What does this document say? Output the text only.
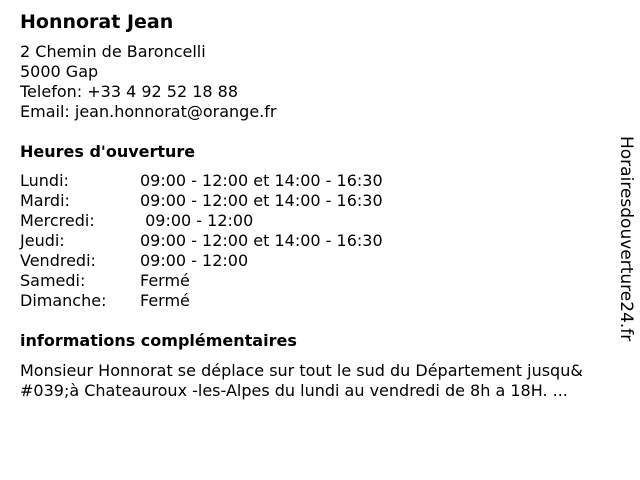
Honnorat Jean
2 Chemin de Baroncelli
5000 Gap
Telefon: +33 4 92 52 18 88
Email: jean.honnorat@orange.fr
Heures d'ouverture
Lundi:	09:00 - 12:00 et 14:00 - 16:30
Mardi:	09:00 - 12:00 et 14:00 - 16:30
Mercredi:	09:00 - 12:00
Jeudi:	09:00 - 12:00 et 14:00 - 16:30
Vendredi:	09:00 - 12:00
Samedi:	Fermé
Dimanche:	Fermé
informations complémentaires
Monsieur Honnorat se déplace sur tout le sud du Département jusqu&
#039;à Chateauroux -les-Alpes du lundi au vendredi de 8h a 18H. ...
Horairesdouverture24.fr
